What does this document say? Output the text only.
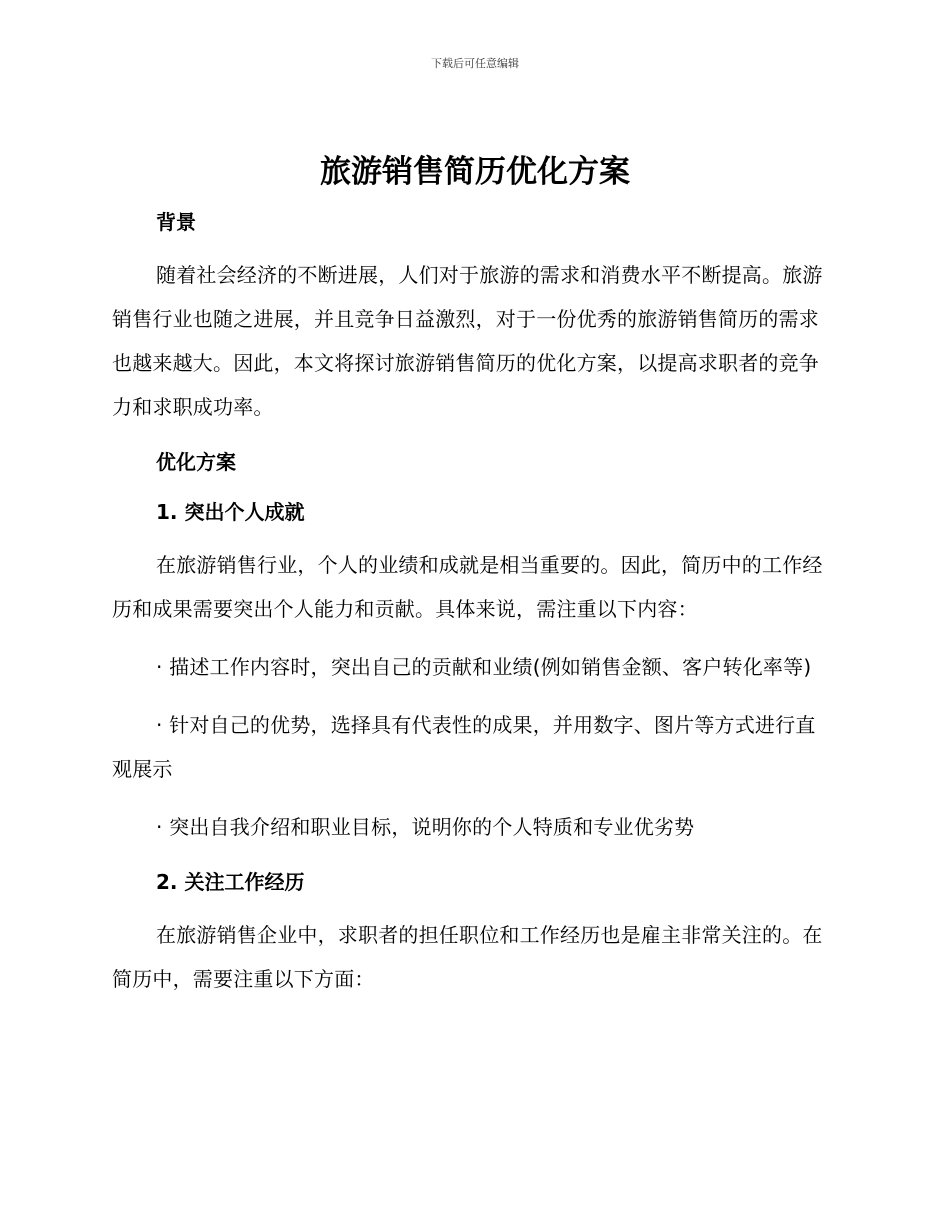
下载后可任意编辑
旅游销售简历优化方案
背景

随着社会经济的不断进展，人们对于旅游的需求和消费水平不断提高。旅游销售行业也随之进展，并且竞争日益激烈，对于一份优秀的旅游销售简历的需求也越来越大。因此，本文将探讨旅游销售简历的优化方案，以提高求职者的竞争力和求职成功率。

优化方案
1. 突出个人成就

在旅游销售行业，个人的业绩和成就是相当重要的。因此，简历中的工作经历和成果需要突出个人能力和贡献。具体来说，需注重以下内容：

· 描述工作内容时，突出自己的贡献和业绩(例如销售金额、客户转化率等)

· 针对自己的优势，选择具有代表性的成果，并用数字、图片等方式进行直观展示

· 突出自我介绍和职业目标，说明你的个人特质和专业优劣势

2. 关注工作经历

在旅游销售企业中，求职者的担任职位和工作经历也是雇主非常关注的。在简历中，需要注重以下方面：
